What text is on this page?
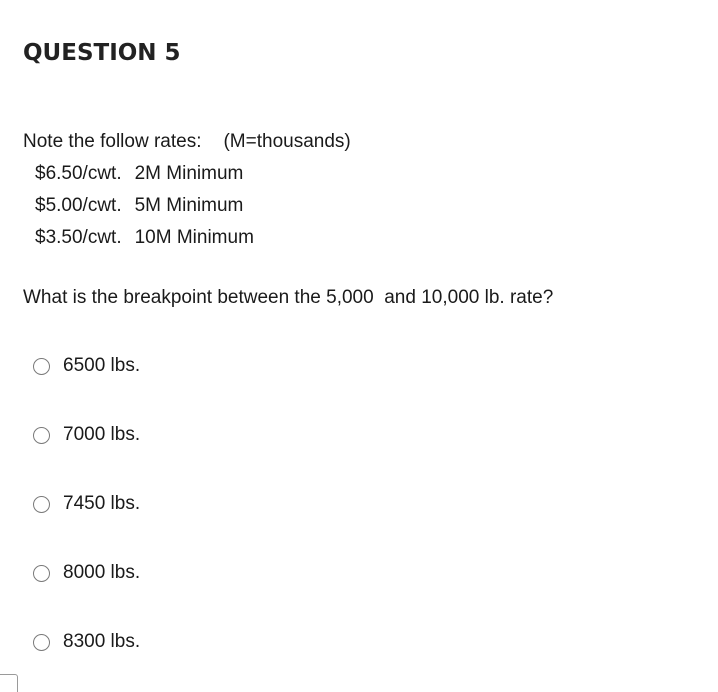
QUESTION 5
Note the follow rates: (M=thousands)
$6.50/cwt. 2M Minimum
$5.00/cwt. 5M Minimum
$3.50/cwt. 10M Minimum

What is the breakpoint between the 5,000  and 10,000 lb. rate?

6500 lbs.
7000 lbs.
7450 lbs.
8000 lbs.
8300 lbs.
